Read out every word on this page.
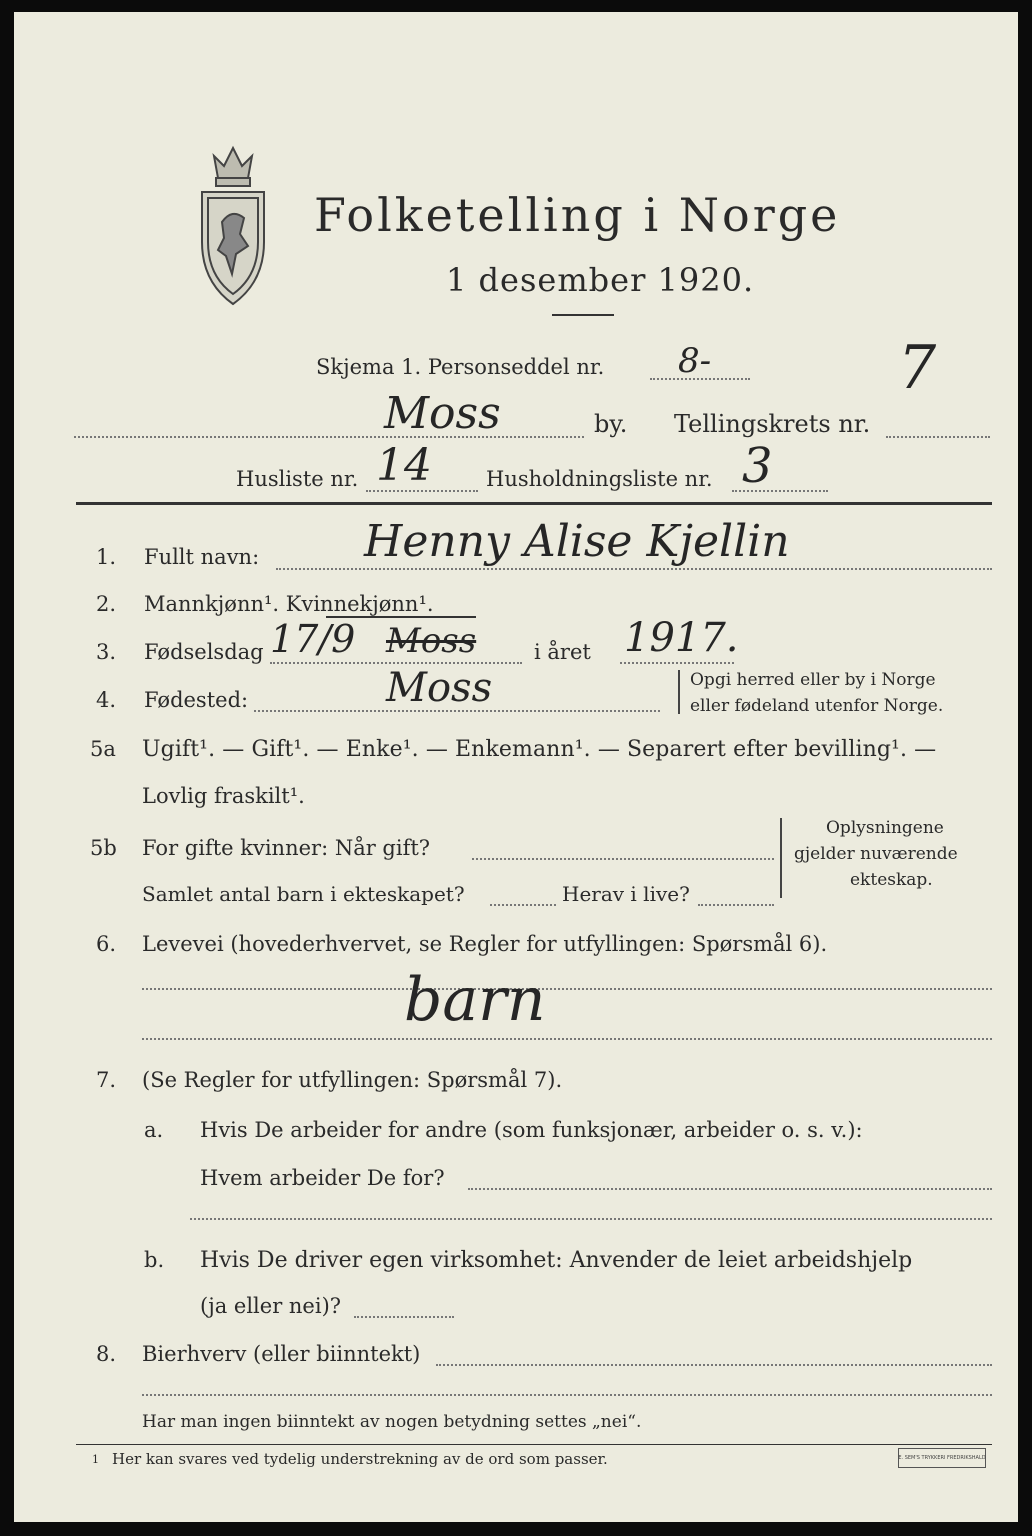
Folketelling i Norge
1 desember 1920.
Skjema 1. Personseddel nr. 8-	7
Moss	by. Tellingskrets nr.
Husliste nr. 14	Husholdningsliste nr. 3
1. Fullt navn: Henny Alise Kjellin
2. Mannkjønn¹. Kvinnekjønn¹.
3. Fødselsdag 17/9 Moss	i året 1917.
4. Fødested:	Moss	Opgi herred eller by i Norge
eller fødeland utenfor Norge.
5a Ugift¹. — Gift¹. — Enke¹. — Enkemann¹. — Separert efter bevilling¹. —
Lovlig fraskilt¹.
5b For gifte kvinner: Når gift?
Samlet antal barn i ekteskapet?	Herav i live?
Oplysningene
gjelder nuværende
ekteskap.
6. Levevei (hovederhvervet, se Regler for utfyllingen: Spørsmål 6).
barn
7. (Se Regler for utfyllingen: Spørsmål 7).
a. Hvis De arbeider for andre (som funksjonær, arbeider o. s. v.):
Hvem arbeider De for?
b. Hvis De driver egen virksomhet: Anvender de leiet arbeidshjelp
(ja eller nei)?
8. Bierhverv (eller biinntekt)
Har man ingen biinntekt av nogen betydning settes „nei“.
1 Her kan svares ved tydelig understrekning av de ord som passer.	E. SEM'S TRYKKERI FREDRIKSHALD
